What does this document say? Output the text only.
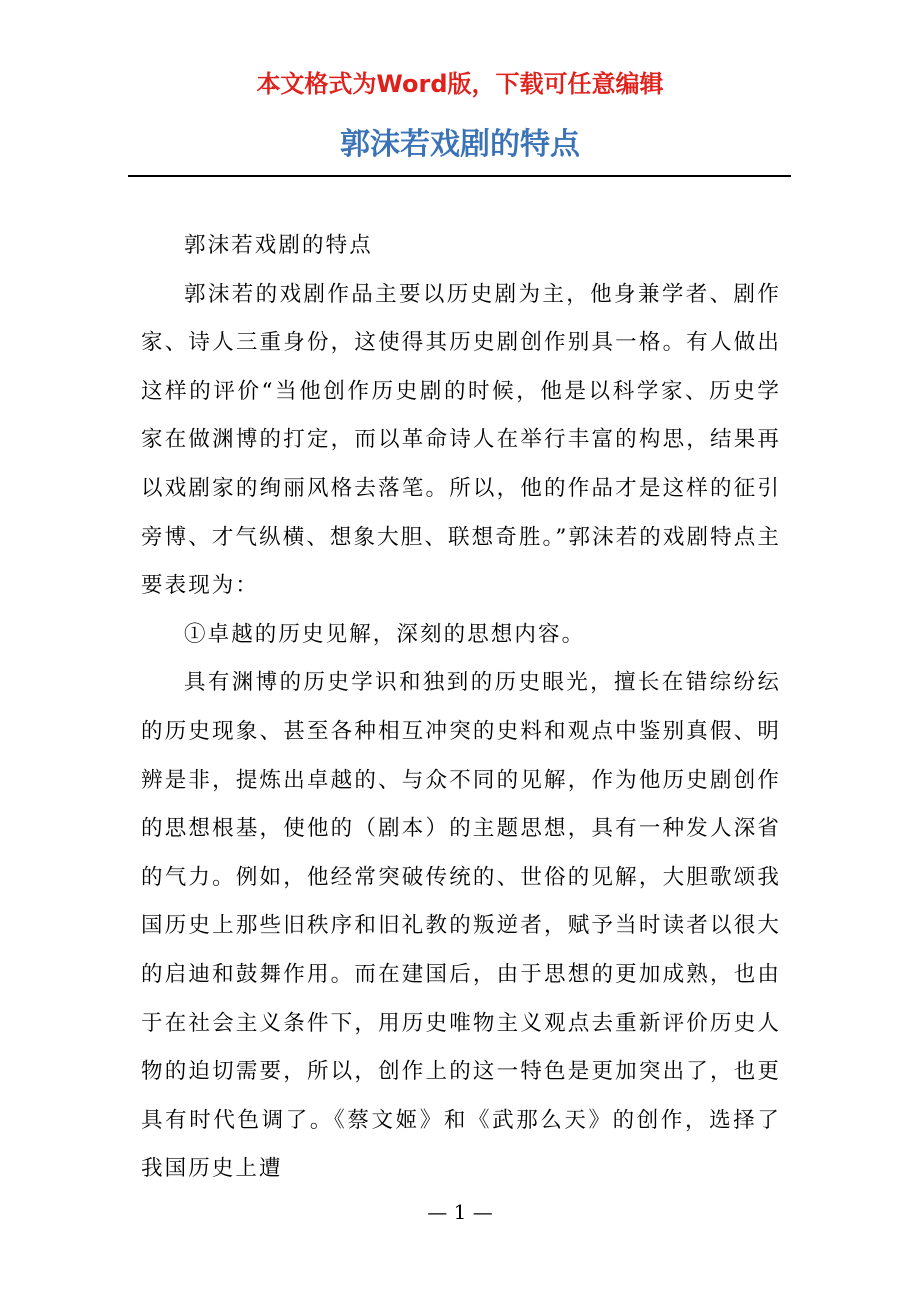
本文格式为Word版，下载可任意编辑
郭沫若戏剧的特点

郭沫若戏剧的特点

郭沫若的戏剧作品主要以历史剧为主，他身兼学者、剧作家、诗人三重身份，这使得其历史剧创作别具一格。有人做出这样的评价“当他创作历史剧的时候，他是以科学家、历史学家在做渊博的打定，而以革命诗人在举行丰富的构思，结果再以戏剧家的绚丽风格去落笔。所以，他的作品才是这样的征引旁博、才气纵横、想象大胆、联想奇胜。”郭沫若的戏剧特点主要表现为：

①卓越的历史见解，深刻的思想内容。

具有渊博的历史学识和独到的历史眼光，擅长在错综纷纭的历史现象、甚至各种相互冲突的史料和观点中鉴别真假、明辨是非，提炼出卓越的、与众不同的见解，作为他历史剧创作的思想根基，使他的（剧本）的主题思想，具有一种发人深省的气力。例如，他经常突破传统的、世俗的见解，大胆歌颂我国历史上那些旧秩序和旧礼教的叛逆者，赋予当时读者以很大的启迪和鼓舞作用。而在建国后，由于思想的更加成熟，也由于在社会主义条件下，用历史唯物主义观点去重新评价历史人物的迫切需要，所以，创作上的这一特色是更加突出了，也更具有时代色调了。《蔡文姬》和《武那么天》的创作，选择了我国历史上遭

— 1 —
